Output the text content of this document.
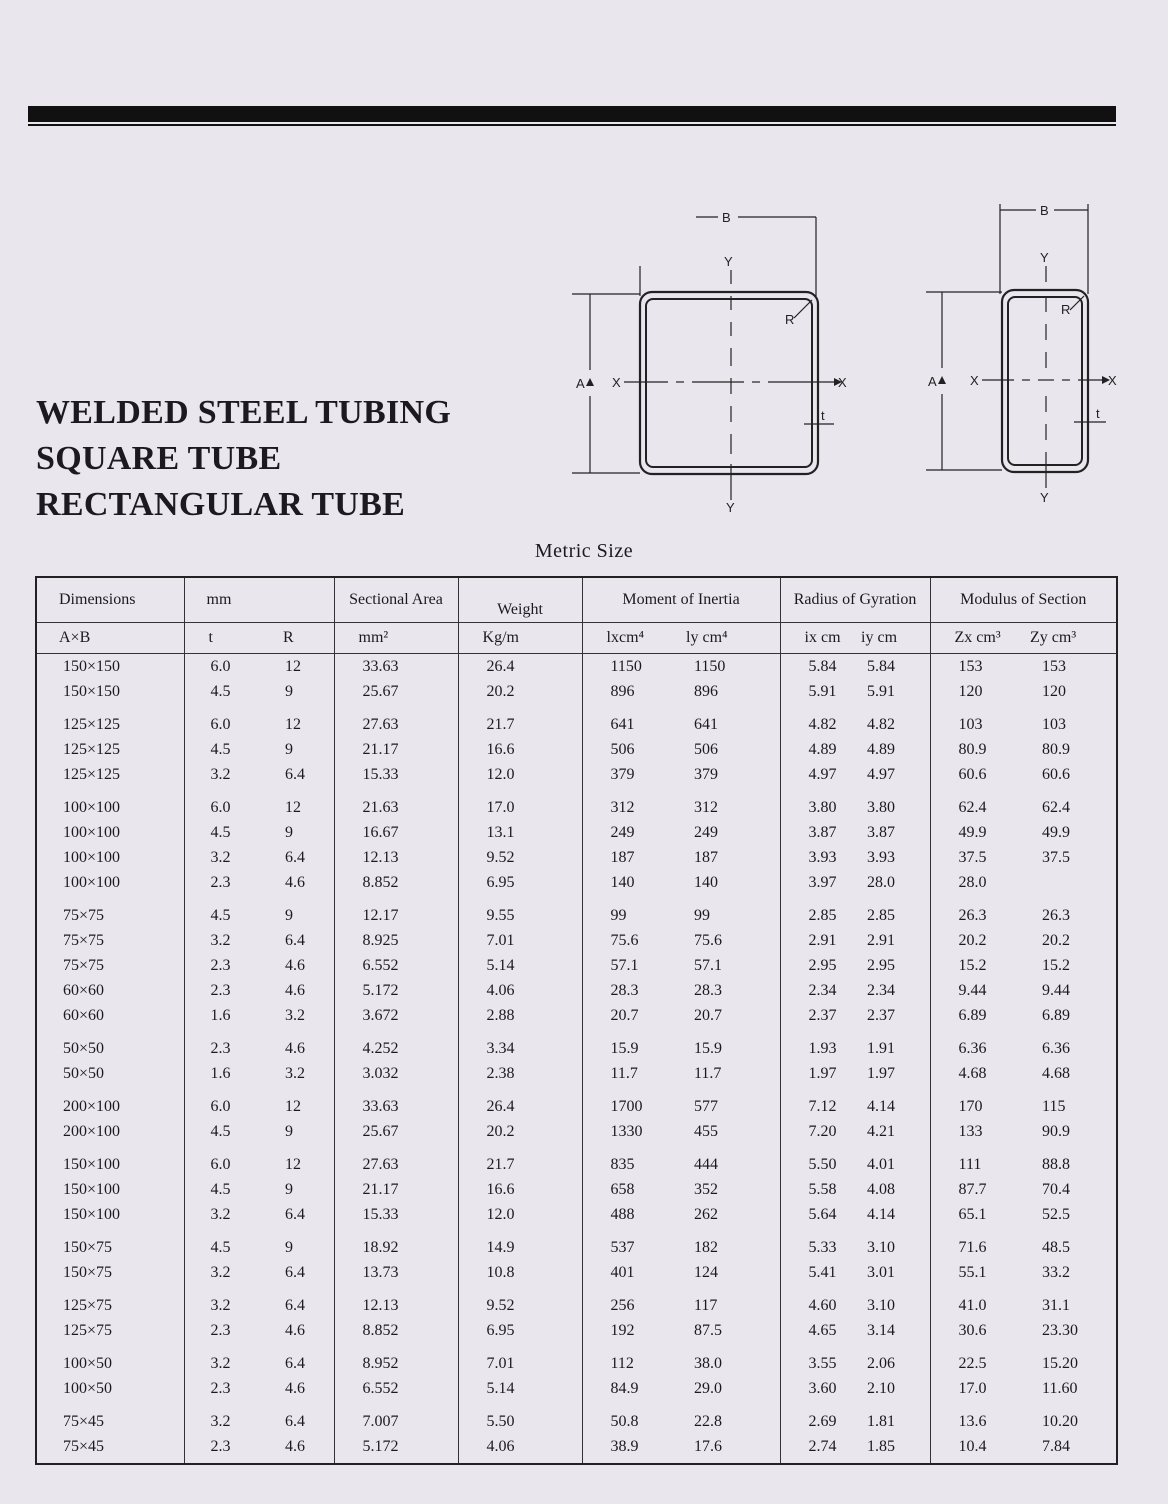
WELDED STEEL TUBING
SQUARE TUBE
RECTANGULAR TUBE
B
A X	X
Y
Y
R
t
B
A	X	X
Y
Y
R
t
Metric Size
Dimensions	mm		Sectional Area	Weight	Moment of Inertia		Radius of Gyration		Modulus of Section	
A×B	t	R	mm²	Kg/m	lxcm⁴	ly cm⁴	ix cm	iy cm	Zx cm³	Zy cm³
150×150	6.0	12	33.63	26.4	1150	1150	5.84	5.84	153	153
150×150	4.5	9	25.67	20.2	896	896	5.91	5.91	120	120
125×125	6.0	12	27.63	21.7	641	641	4.82	4.82	103	103
125×125	4.5	9	21.17	16.6	506	506	4.89	4.89	80.9	80.9
125×125	3.2	6.4	15.33	12.0	379	379	4.97	4.97	60.6	60.6
100×100	6.0	12	21.63	17.0	312	312	3.80	3.80	62.4	62.4
100×100	4.5	9	16.67	13.1	249	249	3.87	3.87	49.9	49.9
100×100	3.2	6.4	12.13	9.52	187	187	3.93	3.93	37.5	37.5
100×100	2.3	4.6	8.852	6.95	140	140	3.97	28.0	28.0	
75×75	4.5	9	12.17	9.55	99	99	2.85	2.85	26.3	26.3
75×75	3.2	6.4	8.925	7.01	75.6	75.6	2.91	2.91	20.2	20.2
75×75	2.3	4.6	6.552	5.14	57.1	57.1	2.95	2.95	15.2	15.2
60×60	2.3	4.6	5.172	4.06	28.3	28.3	2.34	2.34	9.44	9.44
60×60	1.6	3.2	3.672	2.88	20.7	20.7	2.37	2.37	6.89	6.89
50×50	2.3	4.6	4.252	3.34	15.9	15.9	1.93	1.91	6.36	6.36
50×50	1.6	3.2	3.032	2.38	11.7	11.7	1.97	1.97	4.68	4.68
200×100	6.0	12	33.63	26.4	1700	577	7.12	4.14	170	115
200×100	4.5	9	25.67	20.2	1330	455	7.20	4.21	133	90.9
150×100	6.0	12	27.63	21.7	835	444	5.50	4.01	111	88.8
150×100	4.5	9	21.17	16.6	658	352	5.58	4.08	87.7	70.4
150×100	3.2	6.4	15.33	12.0	488	262	5.64	4.14	65.1	52.5
150×75	4.5	9	18.92	14.9	537	182	5.33	3.10	71.6	48.5
150×75	3.2	6.4	13.73	10.8	401	124	5.41	3.01	55.1	33.2
125×75	3.2	6.4	12.13	9.52	256	117	4.60	3.10	41.0	31.1
125×75	2.3	4.6	8.852	6.95	192	87.5	4.65	3.14	30.6	23.30
100×50	3.2	6.4	8.952	7.01	112	38.0	3.55	2.06	22.5	15.20
100×50	2.3	4.6	6.552	5.14	84.9	29.0	3.60	2.10	17.0	11.60
75×45	3.2	6.4	7.007	5.50	50.8	22.8	2.69	1.81	13.6	10.20
75×45	2.3	4.6	5.172	4.06	38.9	17.6	2.74	1.85	10.4	7.84
